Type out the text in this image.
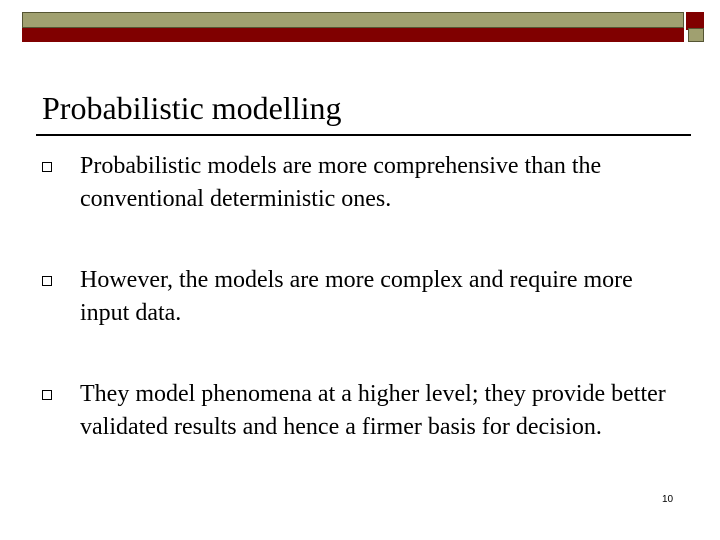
Probabilistic modelling
Probabilistic models are more comprehensive than the conventional deterministic ones.
However, the models are more complex and require more input data.
They model phenomena at a higher level; they provide better validated results and hence a firmer basis for decision.
10
